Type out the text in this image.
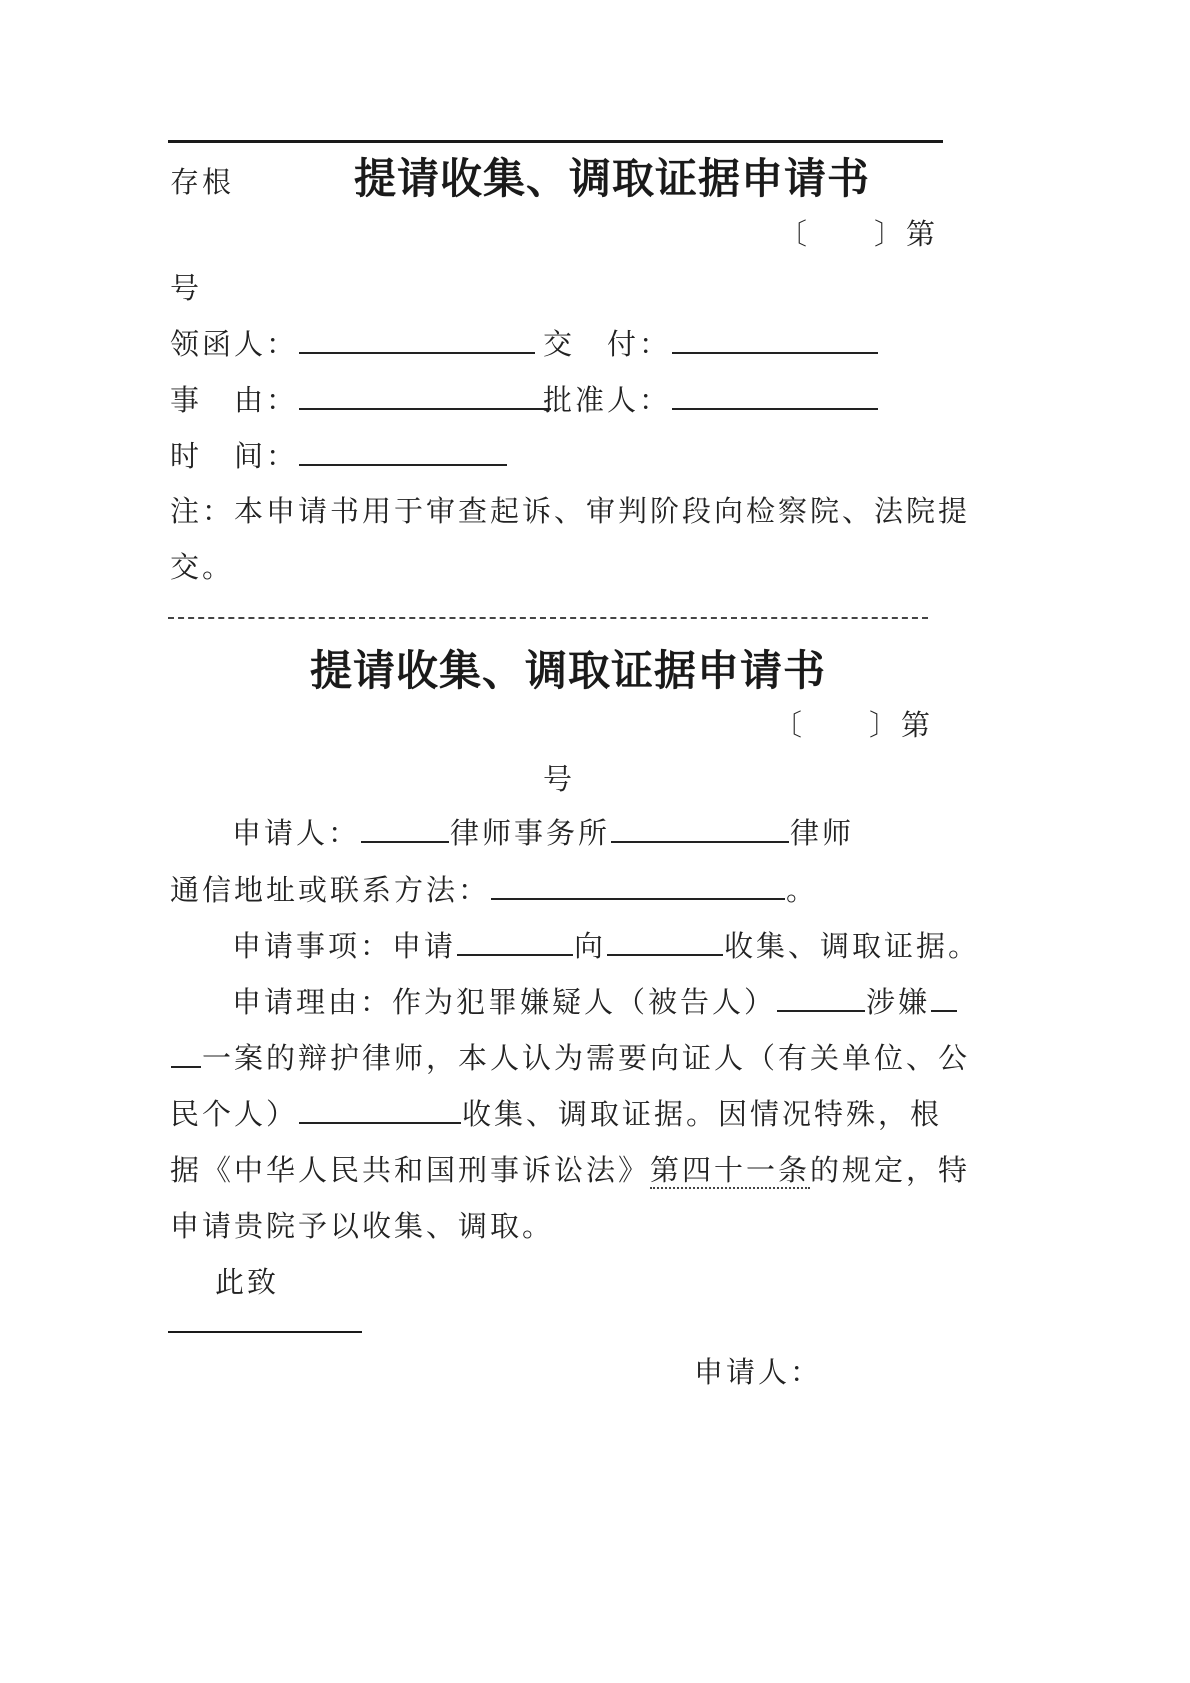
存根	提请收集、调取证据申请书
〔　　〕第
号
领函人：	交　付：
事　由：	批准人：
时　间：
注：本申请书用于审查起诉、审判阶段向检察院、法院提
交。
提请收集、调取证据申请书
〔　　〕第
号
申请人：	律师事务所	律师
通信地址或联系方法：	。
申请事项：申请	向	收集、调取证据。
申请理由：作为犯罪嫌疑人（被告人）	涉嫌
一案的辩护律师，本人认为需要向证人（有关单位、公
民个人）	收集、调取证据。因情况特殊，根
据《中华人民共和国刑事诉讼法》第四十一条的规定，特
申请贵院予以收集、调取。
此致
申请人：
